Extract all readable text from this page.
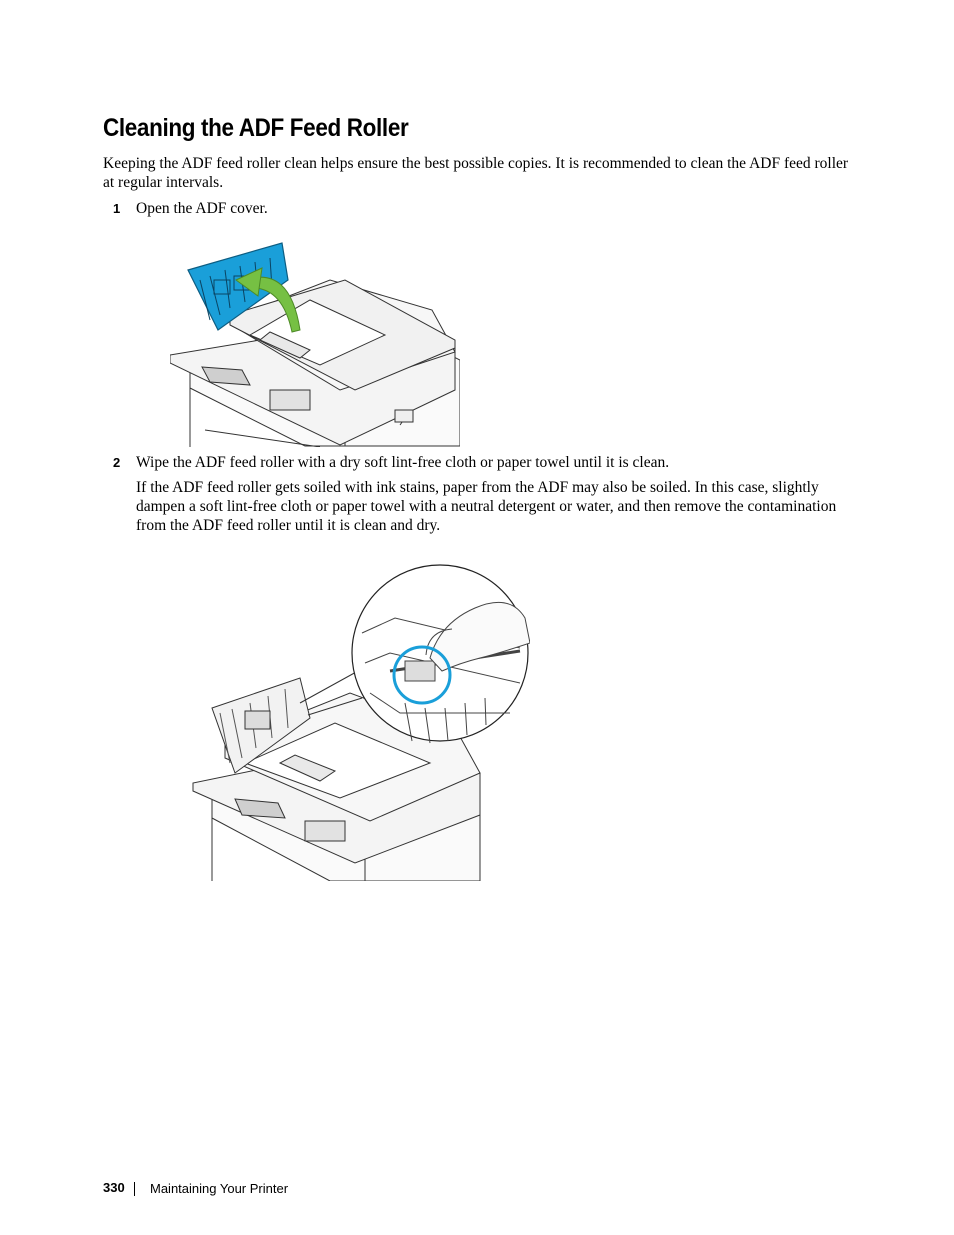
Cleaning the ADF Feed Roller

Keeping the ADF feed roller clean helps ensure the best possible copies. It is recommended to clean the ADF feed roller at regular intervals.

1 Open the ADF cover.

2 Wipe the ADF feed roller with a dry soft lint-free cloth or paper towel until it is clean.

If the ADF feed roller gets soiled with ink stains, paper from the ADF may also be soiled. In this case, slightly dampen a soft lint-free cloth or paper towel with a neutral detergent or water, and then remove the contamination from the ADF feed roller until it is clean and dry.

330 Maintaining Your Printer
